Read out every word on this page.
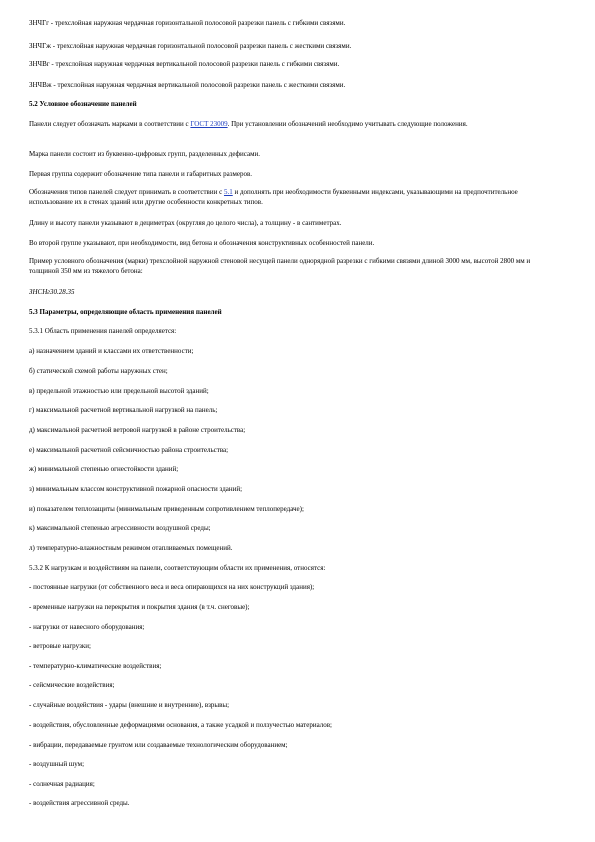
ЗНЧГг - трехслойная наружная чердачная горизонтальной полосовой разрезки панель с гибкими связями.
ЗНЧГж - трехслойная наружная чердачная горизонтальной полосовой разрезки панель с жесткими связями.
ЗНЧВг - трехслойная наружная чердачная вертикальной полосовой разрезки панель с гибкими связями.
ЗНЧВж - трехслойная наружная чердачная вертикальной полосовой разрезки панель с жесткими связями.
5.2 Условное обозначение панелей
Панели следует обозначать марками в соответствии с ГОСТ 23009. При установлении обозначений необходимо учитывать следующие положения.
Марка панели состоит из буквенно-цифровых групп, разделенных дефисами.
Первая группа содержит обозначение типа панели и габаритных размеров.
Обозначения типов панелей следует принимать в соответствии с 5.1 и дополнять при необходимости буквенными индексами, указывающими на предпочтительное использование их в стенах зданий или другие особенности конкретных типов.
Длину и высоту панели указывают в дециметрах (округляя до целого числа), а толщину - в сантиметрах.
Во второй группе указывают, при необходимости, вид бетона и обозначения конструктивных особенностей панели.
Пример условного обозначения (марки) трехслойной наружной стеновой несущей панели однорядной разрезки с гибкими связями длиной 3000 мм, высотой 2800 мм и толщиной 350 мм из тяжелого бетона:
ЗНСНг30.28.35
5.3 Параметры, определяющие область применения панелей
5.3.1 Область применения панелей определяется:
а) назначением зданий и классами их ответственности;
б) статической схемой работы наружных стен;
в) предельной этажностью или предельной высотой зданий;
г) максимальной расчетной вертикальной нагрузкой на панель;
д) максимальной расчетной ветровой нагрузкой в районе строительства;
е) максимальной расчетной сейсмичностью района строительства;
ж) минимальной степенью огнестойкости зданий;
з) минимальным классом конструктивной пожарной опасности зданий;
и) показателем теплозащиты (минимальным приведенным сопротивлением теплопередаче);
к) максимальной степенью агрессивности воздушной среды;
л) температурно-влажностным режимом отапливаемых помещений.
5.3.2 К нагрузкам и воздействиям на панели, соответствующим области их применения, относятся:
- постоянные нагрузки (от собственного веса и веса опирающихся на них конструкций здания);
- временные нагрузки на перекрытия и покрытия здания (в т.ч. снеговые);
- нагрузки от навесного оборудования;
- ветровые нагрузки;
- температурно-климатические воздействия;
- сейсмические воздействия;
- случайные воздействия - удары (внешние и внутренние), взрывы;
- воздействия, обусловленные деформациями основания, а также усадкой и ползучестью материалов;
- вибрации, передаваемые грунтом или создаваемые технологическим оборудованием;
- воздушный шум;
- солнечная радиация;
- воздействия агрессивной среды.
